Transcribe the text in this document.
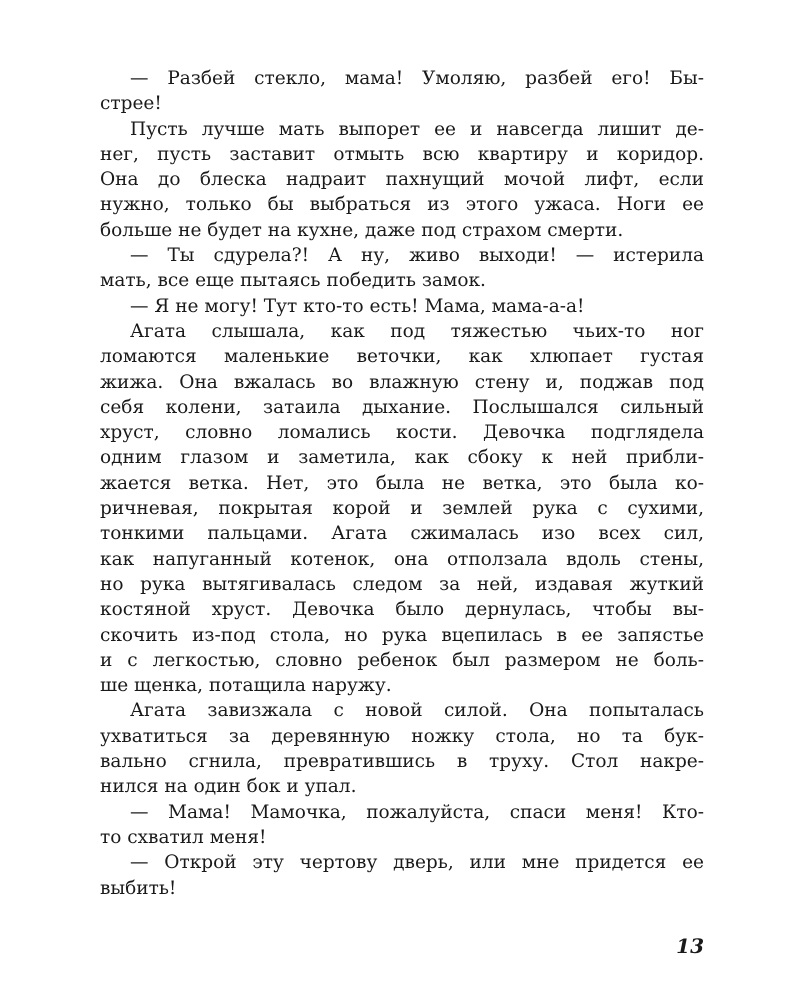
— Разбей стекло, мама! Умоляю, разбей его! Бы-
стрее!
Пусть лучше мать выпорет ее и навсегда лишит де-
нег, пусть заставит отмыть всю квартиру и коридор.
Она до блеска надраит пахнущий мочой лифт, если
нужно, только бы выбраться из этого ужаса. Ноги ее
больше не будет на кухне, даже под страхом смерти.
— Ты сдурела?! А ну, живо выходи! — истерила
мать, все еще пытаясь победить замок.
— Я не могу! Тут кто-то есть! Мама, мама-а-а!
Агата слышала, как под тяжестью чьих-то ног
ломаются маленькие веточки, как хлюпает густая
жижа. Она вжалась во влажную стену и, поджав под
себя колени, затаила дыхание. Послышался сильный
хруст, словно ломались кости. Девочка подглядела
одним глазом и заметила, как сбоку к ней прибли-
жается ветка. Нет, это была не ветка, это была ко-
ричневая, покрытая корой и землей рука с сухими,
тонкими пальцами. Агата сжималась изо всех сил,
как напуганный котенок, она отползала вдоль стены,
но рука вытягивалась следом за ней, издавая жуткий
костяной хруст. Девочка было дернулась, чтобы вы-
скочить из-под стола, но рука вцепилась в ее запястье
и с легкостью, словно ребенок был размером не боль-
ше щенка, потащила наружу.
Агата завизжала с новой силой. Она попыталась
ухватиться за деревянную ножку стола, но та бук-
вально сгнила, превратившись в труху. Стол накре-
нился на один бок и упал.
— Мама! Мамочка, пожалуйста, спаси меня! Кто-
то схватил меня!
— Открой эту чертову дверь, или мне придется ее
выбить!
13
